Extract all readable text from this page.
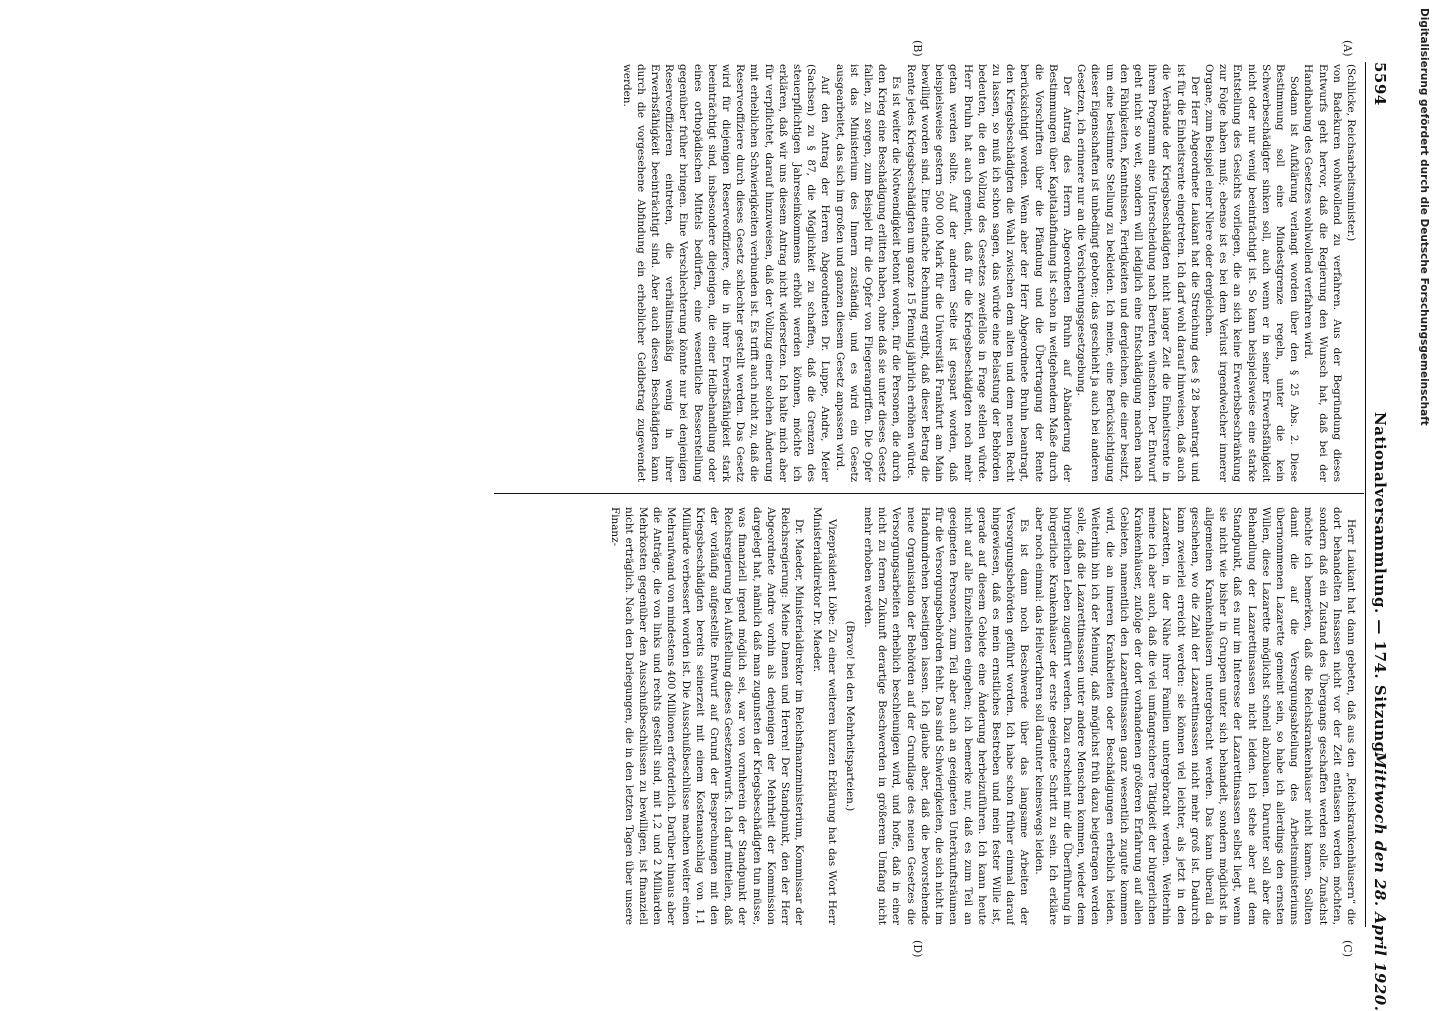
5594
Nationalversammlung. — 174. Sitzung.
Mittwoch den 28. April 1920.
(A)
(B)
(C)
(D)

(Schlicke, Reichsarbeitsminister.)

von Badekuren wohlwollend zu verfahren. Aus der Begründung dieses Entwurfs geht hervor, daß die Regierung den Wunsch hat, daß bei der Handhabung des Gesetzes wohlwollend verfahren wird.

Sodann ist Aufklärung verlangt worden über den § 25 Abs. 2. Diese Bestimmung soll eine Mindestgrenze regeln, unter die kein Schwerbeschädigter sinken soll, auch wenn er in seiner Erwerbsfähigkeit nicht oder nur wenig beeinträchtigt ist. So kann beispielsweise eine starke Entstellung des Gesichts vorliegen, die an sich keine Erwerbsbeschränkung zur Folge haben muß; ebenso ist es bei dem Verlust irgendwelcher innerer Organe, zum Beispiel einer Niere oder dergleichen.

Der Herr Abgeordnete Laukant hat die Streichung des § 28 beantragt und ist für die Einheitsrente eingetreten. Ich darf wohl darauf hinweisen, daß auch die Verbände der Kriegsbeschädigten nicht langer Zeit die Einheitsrente in ihrem Programm eine Unterscheidung nach Berufen wünschten. Der Entwurf geht nicht so weit, sondern will lediglich eine Entschädigung machen nach den Fähigkeiten, Kenntnissen, Fertigkeiten und dergleichen, die einer besitzt, um eine bestimmte Stellung zu bekleiden. Ich meine, eine Berücksichtigung dieser Eigenschaften ist unbedingt geboten; das geschieht ja auch bei anderen Gesetzen, ich erinnere nur an die Versicherungsgesetzgebung.

Der Antrag des Herrn Abgeordneten Bruhn auf Abänderung der Bestimmungen über Kapitalabfindung ist schon in weitgehendem Maße durch die Vorschriften über die Pfändung und die Übertragung der Rente berücksichtigt worden. Wenn aber der Herr Abgeordnete Bruhn beantragt, den Kriegsbeschädigten die Wahl zwischen dem alten und dem neuen Recht zu lassen, so muß ich schon sagen, das würde eine Belastung der Behörden bedeuten, die den Vollzug des Gesetzes zweifellos in Frage stellen würde. Herr Bruhn hat auch gemeint, daß für die Kriegsbeschädigten noch mehr getan werden sollte. Auf der anderen Seite ist gespart worden, daß beispielsweise gestern 500 000 Mark für die Universität Frankfurt am Main bewilligt worden sind. Eine einfache Rechnung ergibt, daß dieser Betrag die Rente jedes Kriegsbeschädigten um ganze 15 Pfennig jährlich erhöhen würde.

Es ist weiter die Notwendigkeit betont worden, für die Personen, die durch den Krieg eine Beschädigung erlitten haben, ohne daß sie unter dieses Gesetz fallen, zu sorgen, zum Beispiel für die Opfer von Fliegerangriffen. Die Opfer ist das Ministerium des Innern zuständig, und es wird ein Gesetz ausgearbeitet, das sich im großen und ganzen diesem Gesetz anpassen wird.

Auf den Antrag der Herren Abgeordneten Dr. Luppe, Andre, Meier (Sachsen) zu § 87, die Möglichkeit zu schaffen, daß die Grenzen des steuerpflichtigen Jahreseinkommens erhöht werden können, möchte ich erklären, daß wir uns diesem Antrag nicht widersetzen. Ich halte mich aber für verpflichtet, darauf hinzuweisen, daß der Vollzug einer solchen Änderung mit erheblichen Schwierigkeiten verbunden ist. Es trifft auch nicht zu, daß die Reserveoffiziere durch dieses Gesetz schlechter gestellt werden. Das Gesetz wird für diejenigen Reserveoffiziere, die in ihrer Erwerbsfähigkeit stark beeinträchtigt sind, insbesondere diejenigen, die einer Heilbehandlung oder eines orthopädischen Mittels bedürfen, eine wesentliche Besserstellung gegenüber früher bringen. Eine Verschlechterung könnte nur bei denjenigen Reserveoffizieren eintreten, die verhältnismäßig wenig in ihrer Erwerbsfähigkeit beeinträchtigt sind. Aber auch diesen Beschädigten kann durch die vorgesehene Abfindung ein erheblicher Geldbetrag zugewendet werden.

Herr Laukant hat dann gebeten, daß aus den „Reichskrankenhäusern“ die dort behandelten Insassen nicht vor der Zeit entlassen werden möchten, sondern daß ein Zustand des Übergangs geschaffen werden solle. Zunächst möchte ich bemerken, daß die Reichskrankenhäuser nicht kamen. Sollten damit die auf die Versorgungsabteilung des Arbeitsministeriums übernommenen Lazarette gemeint sein, so habe ich allerdings den ernsten Willen, diese Lazarette möglichst schnell abzubauen. Darunter soll aber die Behandlung der Lazarettinsassen nicht leiden. Ich stehe aber auf dem Standpunkt, daß es nur im Interesse der Lazarettinsassen selbst liegt, wenn sie nicht wie bisher in Gruppen unter sich behandelt, sondern möglichst in allgemeinen Krankenhäusern untergebracht werden. Das kann überall da geschehen, wo die Zahl der Lazarettinsassen nicht mehr groß ist. Dadurch kann zweierlei erreicht werden: sie können viel leichter, als jetzt in den Lazaretten, in der Nähe ihrer Familien untergebracht werden. Weiterhin meine ich aber auch, daß die viel umfangreichere Tätigkeit der bürgerlichen Krankenhäuser, zufolge der dort vorhandenen größeren Erfahrung auf allen Gebieten, namentlich den Lazarettinsassen ganz wesentlich zugute kommen wird, die an inneren Krankheiten oder Beschädigungen erheblich leiden. Weiterhin bin ich der Meinung, daß möglichst früh dazu beigetragen werden solle, daß die Lazarettinsassen unter andere Menschen kommen, wieder dem bürgerlichen Leben zugeführt werden. Dazu erscheint mir die Überführung in bürgerliche Krankenhäuser der erste geeignete Schritt zu sein. Ich erkläre aber noch einmal: das Heilverfahren soll darunter keineswegs leiden.

Es ist dann noch Beschwerde über das langsame Arbeiten der Versorgungsbehörden geführt worden. Ich habe schon früher einmal darauf hingewiesen, daß es mein ernstliches Bestreben und mein fester Wille ist, gerade auf diesem Gebiete eine Änderung herbeizuführen. Ich kann heute nicht auf alle Einzelheiten eingehen; ich bemerke nur, daß es zum Teil an geeigneten Personen, zum Teil aber auch an geeigneten Unterkunftsräumen für die Versorgungsbehörden fehlt. Das sind Schwierigkeiten, die sich nicht im Handumdrehen beseitigen lassen. Ich glaube aber, daß die bevorstehende neue Organisation der Behörden auf der Grundlage des neuen Gesetzes die Versorgungsarbeiten erheblich beschleunigen wird, und hoffe, daß in einer nicht zu fernen Zukunft derartige Beschwerden in größerem Umfang nicht mehr erhoben werden.

(Bravo! bei den Mehrheitsparteien.)

Vizepräsident Löbe: Zu einer weiteren kurzen Erklärung hat das Wort Herr Ministerialdirektor Dr. Maeder.

Dr. Maeder, Ministerialdirektor im Reichsfinanzministerium, Kommissar der Reichsregierung: Meine Damen und Herren! Der Standpunkt, den der Herr Abgeordnete Andre vorhin als denjenigen der Mehrheit der Kommission dargelegt hat, nämlich daß man zugunsten der Kriegsbeschädigten tun müsse, was finanziell irgend möglich sei, war von vornherein der Standpunkt der Reichsregierung bei Aufstellung dieses Gesetzentwurfs. Ich darf mitteilen, daß der vorläufig aufgestellte Entwurf auf Grund der Besprechungen mit den Kriegsbeschädigten bereits seinerzeit mit einem Kostenanschlag von 1,1 Milliarde verbessert worden ist. Die Ausschußbeschlüsse machen weiter einen Mehraufwand von mindestens 400 Millionen erforderlich. Darüber hinaus aber die Anträge, die von links und rechts gestellt sind, mit 1,2 und 2 Milliarden Mehrkosten gegenüber den Ausschußbeschlüssen zu bewilligen, ist finanziell nicht erträglich. Nach den Darlegungen, die in den letzten Tagen über unsere Finanz-

Digitalisierung gefördert durch die Deutsche Forschungsgemeinschaft
